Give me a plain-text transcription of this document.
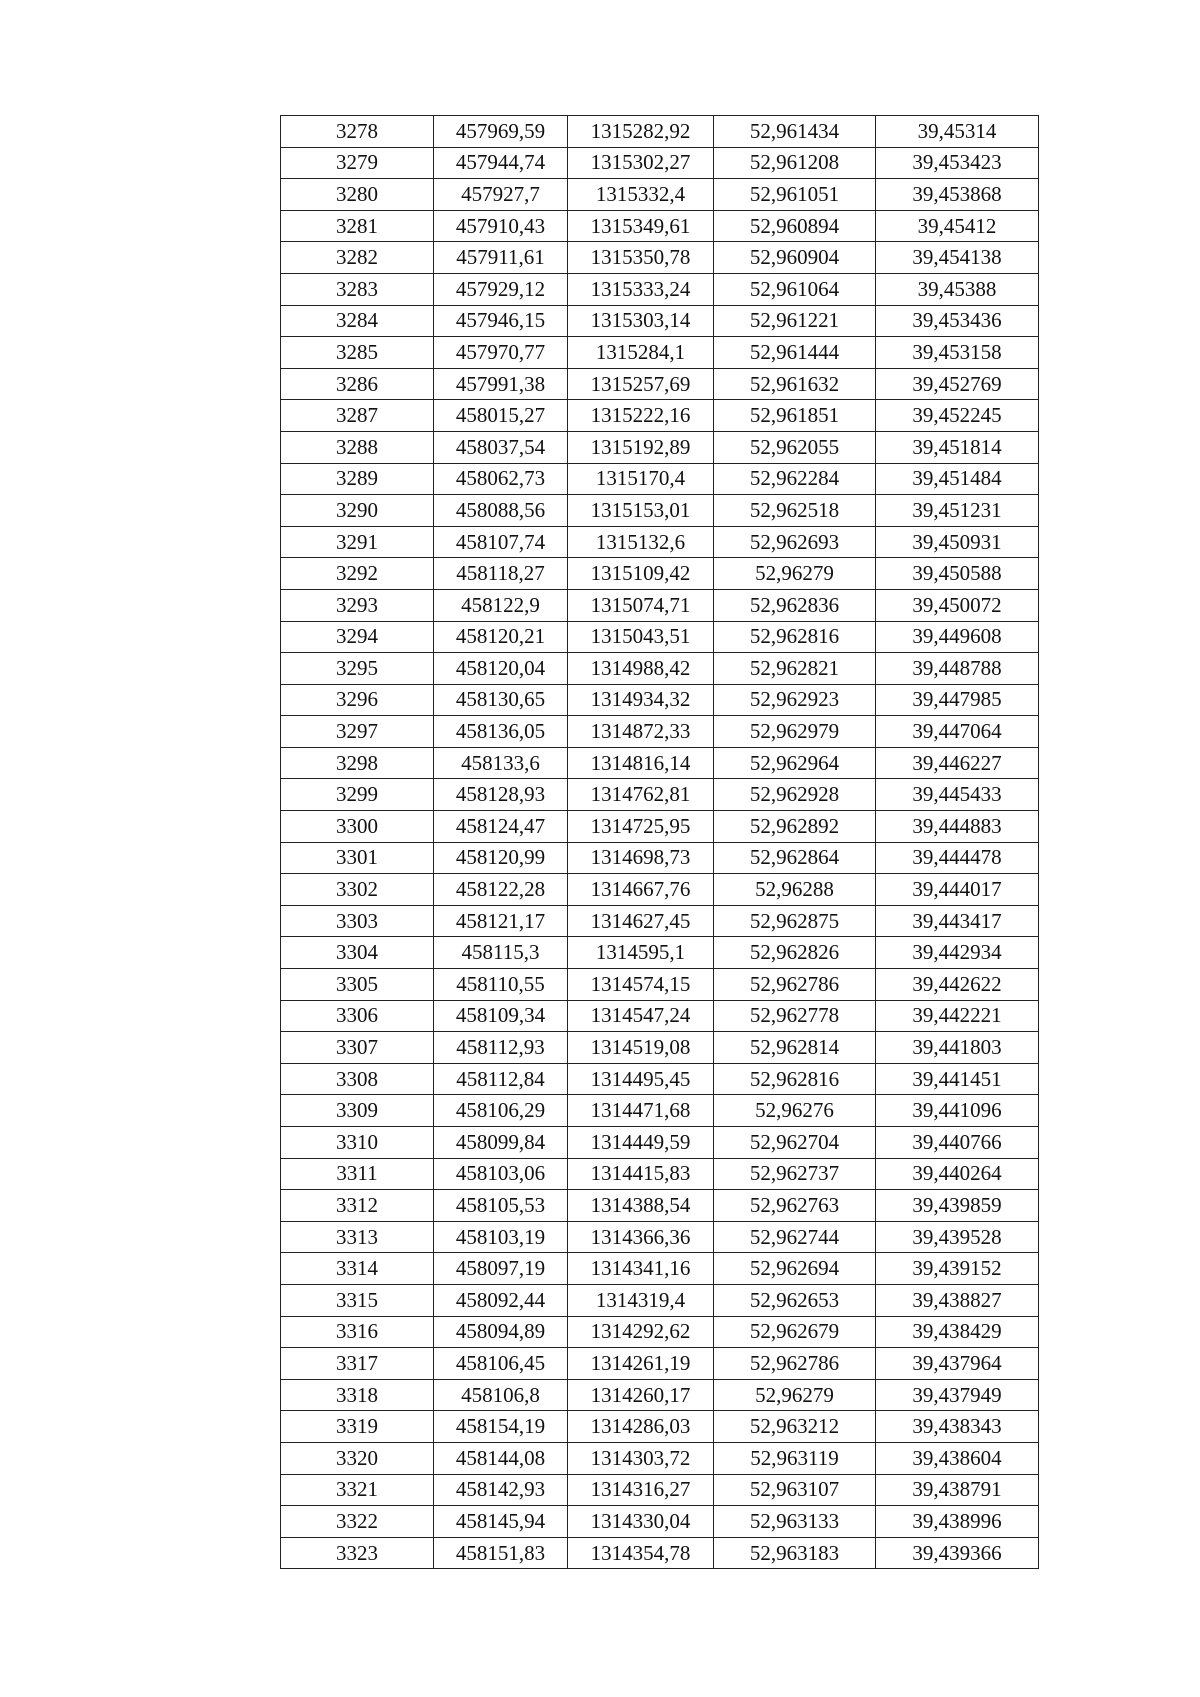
3278	457969,59	1315282,92	52,961434	39,45314
3279	457944,74	1315302,27	52,961208	39,453423
3280	457927,7	1315332,4	52,961051	39,453868
3281	457910,43	1315349,61	52,960894	39,45412
3282	457911,61	1315350,78	52,960904	39,454138
3283	457929,12	1315333,24	52,961064	39,45388
3284	457946,15	1315303,14	52,961221	39,453436
3285	457970,77	1315284,1	52,961444	39,453158
3286	457991,38	1315257,69	52,961632	39,452769
3287	458015,27	1315222,16	52,961851	39,452245
3288	458037,54	1315192,89	52,962055	39,451814
3289	458062,73	1315170,4	52,962284	39,451484
3290	458088,56	1315153,01	52,962518	39,451231
3291	458107,74	1315132,6	52,962693	39,450931
3292	458118,27	1315109,42	52,96279	39,450588
3293	458122,9	1315074,71	52,962836	39,450072
3294	458120,21	1315043,51	52,962816	39,449608
3295	458120,04	1314988,42	52,962821	39,448788
3296	458130,65	1314934,32	52,962923	39,447985
3297	458136,05	1314872,33	52,962979	39,447064
3298	458133,6	1314816,14	52,962964	39,446227
3299	458128,93	1314762,81	52,962928	39,445433
3300	458124,47	1314725,95	52,962892	39,444883
3301	458120,99	1314698,73	52,962864	39,444478
3302	458122,28	1314667,76	52,96288	39,444017
3303	458121,17	1314627,45	52,962875	39,443417
3304	458115,3	1314595,1	52,962826	39,442934
3305	458110,55	1314574,15	52,962786	39,442622
3306	458109,34	1314547,24	52,962778	39,442221
3307	458112,93	1314519,08	52,962814	39,441803
3308	458112,84	1314495,45	52,962816	39,441451
3309	458106,29	1314471,68	52,96276	39,441096
3310	458099,84	1314449,59	52,962704	39,440766
3311	458103,06	1314415,83	52,962737	39,440264
3312	458105,53	1314388,54	52,962763	39,439859
3313	458103,19	1314366,36	52,962744	39,439528
3314	458097,19	1314341,16	52,962694	39,439152
3315	458092,44	1314319,4	52,962653	39,438827
3316	458094,89	1314292,62	52,962679	39,438429
3317	458106,45	1314261,19	52,962786	39,437964
3318	458106,8	1314260,17	52,96279	39,437949
3319	458154,19	1314286,03	52,963212	39,438343
3320	458144,08	1314303,72	52,963119	39,438604
3321	458142,93	1314316,27	52,963107	39,438791
3322	458145,94	1314330,04	52,963133	39,438996
3323	458151,83	1314354,78	52,963183	39,439366
